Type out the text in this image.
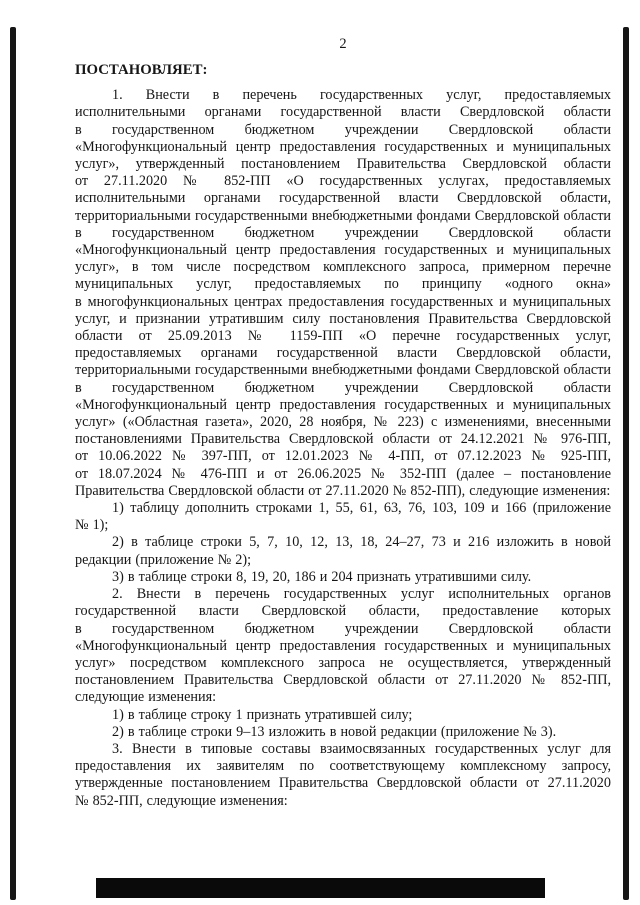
2
ПОСТАНОВЛЯЕТ:

1. Внести в перечень государственных услуг, предоставляемых исполнительными органами государственной власти Свердловской области в государственном бюджетном учреждении Свердловской области «Многофункциональный центр предоставления государственных и муниципальных услуг», утвержденный постановлением Правительства Свердловской области от 27.11.2020 № 852-ПП «О государственных услугах, предоставляемых исполнительными органами государственной власти Свердловской области, территориальными государственными внебюджетными фондами Свердловской области в государственном бюджетном учреждении Свердловской области «Многофункциональный центр предоставления государственных и муниципальных услуг», в том числе посредством комплексного запроса, примерном перечне муниципальных услуг, предоставляемых по принципу «одного окна» в многофункциональных центрах предоставления государственных и муниципальных услуг, и признании утратившим силу постановления Правительства Свердловской области от 25.09.2013 № 1159-ПП «О перечне государственных услуг, предоставляемых органами государственной власти Свердловской области, территориальными государственными внебюджетными фондами Свердловской области в государственном бюджетном учреждении Свердловской области «Многофункциональный центр предоставления государственных и муниципальных услуг» («Областная газета», 2020, 28 ноября, № 223) с изменениями, внесенными постановлениями Правительства Свердловской области от 24.12.2021 № 976-ПП, от 10.06.2022 № 397-ПП, от 12.01.2023 № 4-ПП, от 07.12.2023 № 925-ПП, от 18.07.2024 № 476-ПП и от 26.06.2025 № 352-ПП (далее – постановление Правительства Свердловской области от 27.11.2020 № 852-ПП), следующие изменения:

1) таблицу дополнить строками 1, 55, 61, 63, 76, 103, 109 и 166 (приложение № 1);

2) в таблице строки 5, 7, 10, 12, 13, 18, 24–27, 73 и 216 изложить в новой редакции (приложение № 2);

3) в таблице строки 8, 19, 20, 186 и 204 признать утратившими силу.

2. Внести в перечень государственных услуг исполнительных органов государственной власти Свердловской области, предоставление которых в государственном бюджетном учреждении Свердловской области «Многофункциональный центр предоставления государственных и муниципальных услуг» посредством комплексного запроса не осуществляется, утвержденный постановлением Правительства Свердловской области от 27.11.2020 № 852-ПП, следующие изменения:

1) в таблице строку 1 признать утратившей силу;

2) в таблице строки 9–13 изложить в новой редакции (приложение № 3).

3. Внести в типовые составы взаимосвязанных государственных услуг для предоставления их заявителям по соответствующему комплексному запросу, утвержденные постановлением Правительства Свердловской области от 27.11.2020 № 852-ПП, следующие изменения:
